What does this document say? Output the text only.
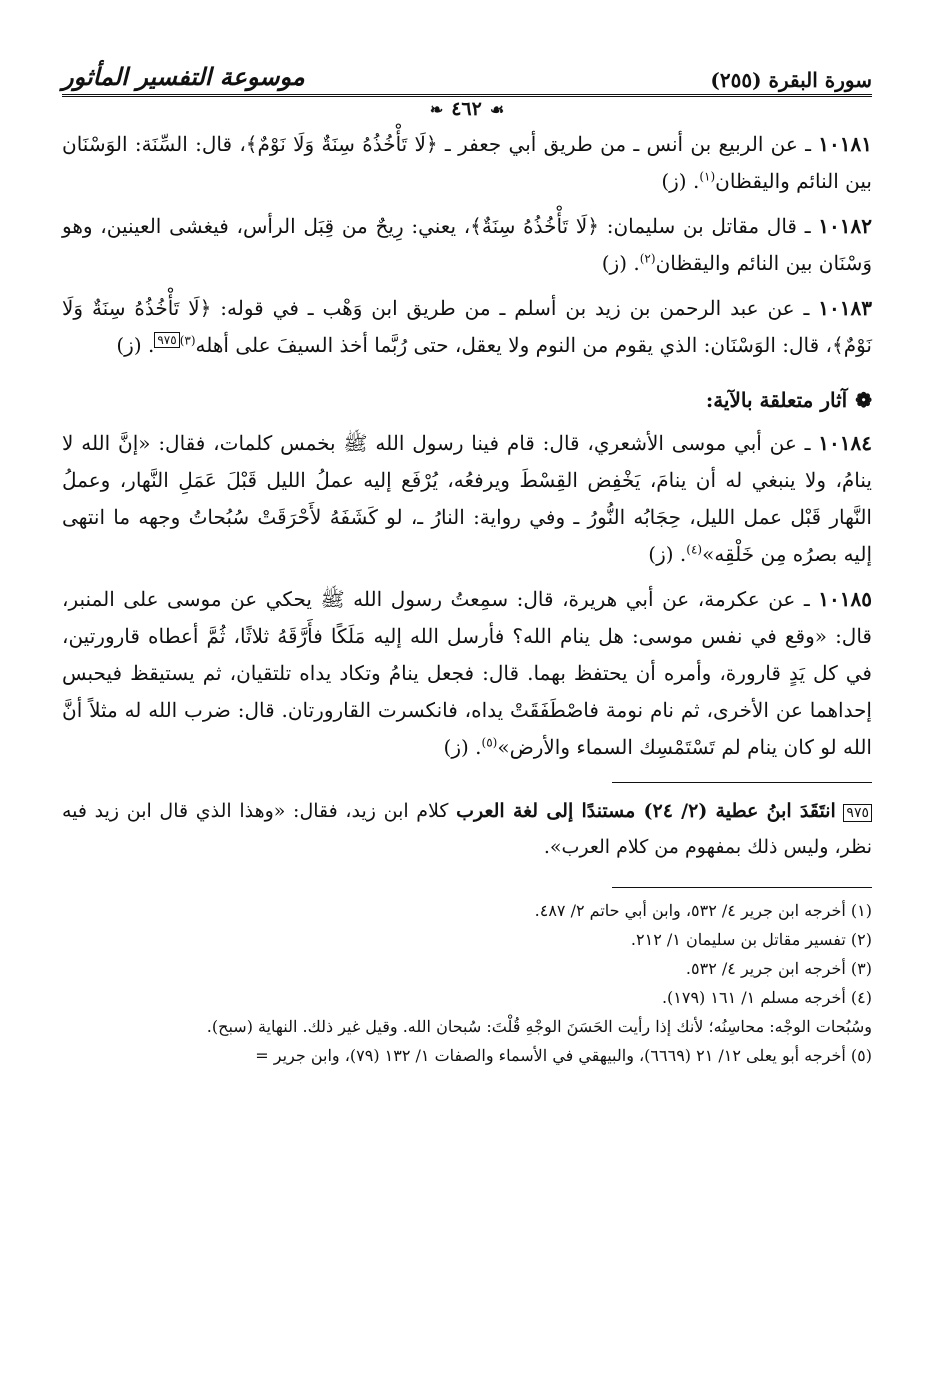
سورة البقرة (٢٥٥)
موسوعة التفسير المأثور
❧ ٤٦٢ ☙

١٠١٨١ ـ عن الربيع بن أنس ـ من طريق أبي جعفر ـ ﴿لَا تَأْخُذُهُ سِنَةٌ وَلَا نَوْمٌ﴾، قال: السِّنَة: الوَسْنَان بين النائم واليقظان$^{(١)}$. (ز)

١٠١٨٢ ـ قال مقاتل بن سليمان: ﴿لَا تَأْخُذُهُ سِنَةٌ﴾، يعني: رِيحٌ من قِبَل الرأس، فيغشى العينين، وهو وَسْنَان بين النائم واليقظان$^{(٢)}$. (ز)

١٠١٨٣ ـ عن عبد الرحمن بن زيد بن أسلم ـ من طريق ابن وَهْب ـ في قوله: ﴿لَا تَأْخُذُهُ سِنَةٌ وَلَا نَوْمٌ﴾، قال: الوَسْنَان: الذي يقوم من النوم ولا يعقل، حتى رُبَّما أخذ السيفَ على أهله$^{(٣)٩٧٥}$. (ز)

❁آثار متعلقة بالآية:

١٠١٨٤ ـ عن أبي موسى الأشعري، قال: قام فينا رسول الله ﷺ بخمس كلمات، فقال: «إنَّ الله لا ينامُ، ولا ينبغي له أن ينامَ، يَخْفِض القِسْطَ ويرفعُه، يُرْفَع إليه عملُ الليل قَبْلَ عَمَلِ النَّهار، وعملُ النَّهار قَبْل عمل الليل، حِجَابُه النُّورُ ـ وفي رواية: النارُ ـ، لو كَشَفَهُ لأَحْرَقَتْ سُبُحاتُ وجهه ما انتهى إليه بصرُه مِن خَلْقِه»$^{(٤)}$. (ز)

١٠١٨٥ ـ عن عكرمة، عن أبي هريرة، قال: سمِعتُ رسول الله ﷺ يحكي عن موسى على المنبر، قال: «وقع في نفس موسى: هل ينام الله؟ فأرسل الله إليه مَلَكًا فأَرَّقَهُ ثلاثًا، ثُمَّ أعطاه قارورتين، في كل يَدٍ قارورة، وأمره أن يحتفظ بهما. قال: فجعل ينامُ وتكاد يداه تلتقيان، ثم يستيقظ فيحبس إحداهما عن الأخرى، ثم نام نومة فاصْطَفَقَتْ يداه، فانكسرت القارورتان. قال: ضرب الله له مثلاً أنَّ الله لو كان ينام لم تَسْتَمْسِك السماء والأرض»$^{(٥)}$. (ز)

٩٧٥ انتَقَدَ ابنُ عطية (٢/ ٢٤) مستندًا إلى لغة العرب كلام ابن زيد، فقال: «وهذا الذي قال ابن زيد فيه نظر، وليس ذلك بمفهوم من كلام العرب».

(١) أخرجه ابن جرير ٤/ ٥٣٢، وابن أبي حاتم ٢/ ٤٨٧.

(٢) تفسير مقاتل بن سليمان ١/ ٢١٢.

(٣) أخرجه ابن جرير ٤/ ٥٣٢.

(٤) أخرجه مسلم ١/ ١٦١ (١٧٩).

وسُبُحات الوجْه: محاسِنُه؛ لأنك إذا رأيت الحَسَنَ الوجْهِ قُلْتَ: سُبحان الله. وقيل غير ذلك. النهاية (سبح).

(٥) أخرجه أبو يعلى ١٢/ ٢١ (٦٦٦٩)، والبيهقي في الأسماء والصفات ١/ ١٣٢ (٧٩)، وابن جرير =
